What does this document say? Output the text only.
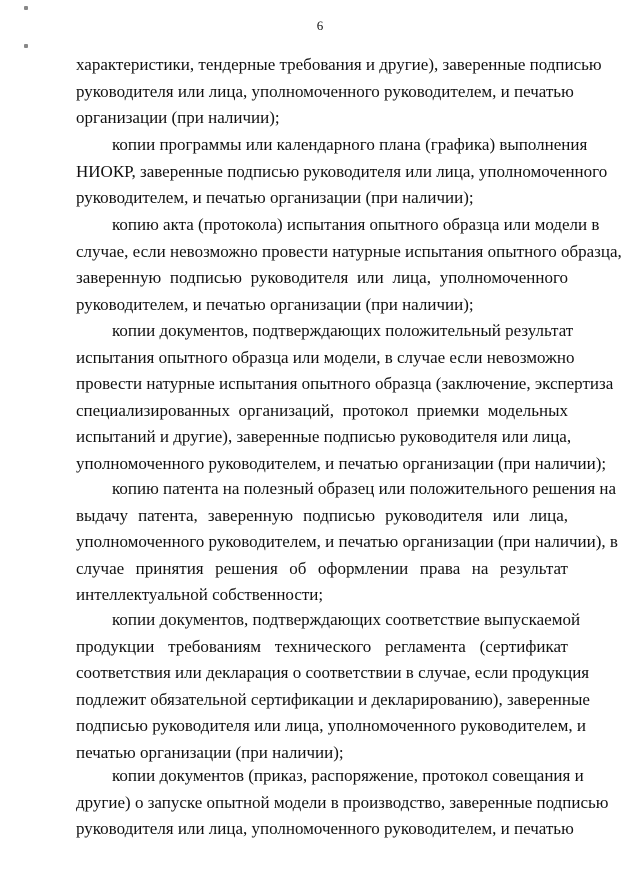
6
характеристики, тендерные требования и другие), заверенные подписью
руководителя или лица, уполномоченного руководителем, и печатью
организации (при наличии);
копии программы или календарного плана (графика) выполнения
НИОКР, заверенные подписью руководителя или лица, уполномоченного
руководителем, и печатью организации (при наличии);
копию акта (протокола) испытания опытного образца или модели в
случае, если невозможно провести натурные испытания опытного образца,
заверенную подписью руководителя или лица, уполномоченного
руководителем, и печатью организации (при наличии);
копии документов, подтверждающих положительный результат
испытания опытного образца или модели, в случае если невозможно
провести натурные испытания опытного образца (заключение, экспертиза
специализированных организаций, протокол приемки модельных
испытаний и другие), заверенные подписью руководителя или лица,
уполномоченного руководителем, и печатью организации (при наличии);
копию патента на полезный образец или положительного решения на
выдачу патента, заверенную подписью руководителя или лица,
уполномоченного руководителем, и печатью организации (при наличии), в
случае принятия решения об оформлении права на результат
интеллектуальной собственности;
копии документов, подтверждающих соответствие выпускаемой
продукции требованиям технического регламента (сертификат
соответствия или декларация о соответствии в случае, если продукция
подлежит обязательной сертификации и декларированию), заверенные
подписью руководителя или лица, уполномоченного руководителем, и
печатью организации (при наличии);
копии документов (приказ, распоряжение, протокол совещания и
другие) о запуске опытной модели в производство, заверенные подписью
руководителя или лица, уполномоченного руководителем, и печатью
